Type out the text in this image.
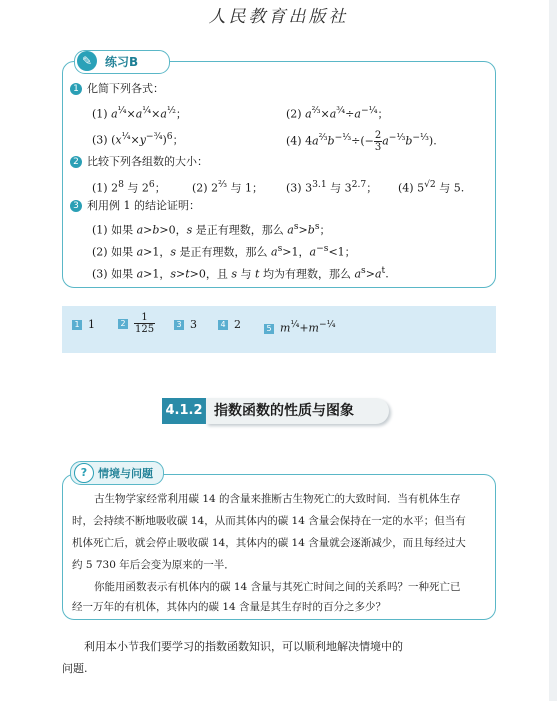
人民教育出版社
✎	练习B
1 化简下列各式：
(1) $a^{\frac{1}{4}}\times a^{\frac{1}{4}}\times a^{\frac{1}{2}}$；	(2) $a^{\frac{2}{3}}\times a^{\frac{3}{4}}\div a^{-\frac{1}{4}}$；
(3) $(x^{\frac{1}{4}}\times y^{-\frac{3}{4}})^6$；	(4) $4a^{\frac{2}{3}}b^{-\frac{1}{3}}\div(- \frac{2}{3} a^{-\frac{1}{3}}b^{-\frac{1}{3}})$.
2 比较下列各组数的大小：
(1) $2^8$ 与 $2^6$； (2) $2^{\frac{2}{3}}$ 与 1； (3) $3^{3.1}$ 与 $3^{2.7}$； (4) $5^{√2}$ 与 5.
3 利用例 1 的结论证明：
(1) 如果 a>b>0，s 是正有理数，那么 $a^s>b^s$；
(2) 如果 a>1，s 是正有理数，那么 $a^s>1$，$a^{-s}<1$；
(3) 如果 a>1，s>t>0，且 s 与 t 均为有理数，那么 $a^s>a^t$.
1 1	$2 \frac{1}{125}$	3 3	4 2	5 $m^{\frac{1}{4}}+m^{-\frac{1}{4}}$
4.1.2 指数函数的性质与图象
? 情境与问题
古生物学家经常利用碳 14 的含量来推断古生物死亡的大致时间．当有机体生存
时，会持续不断地吸收碳 14，从而其体内的碳 14 含量会保持在一定的水平；但当有
机体死亡后，就会停止吸收碳 14，其体内的碳 14 含量就会逐渐减少，而且每经过大
约 5 730 年后会变为原来的一半．
你能用函数表示有机体内的碳 14 含量与其死亡时间之间的关系吗？一种死亡已
经一万年的有机体，其体内的碳 14 含量是其生存时的百分之多少？
利用本小节我们要学习的指数函数知识，可以顺利地解决情境中的
问题.
